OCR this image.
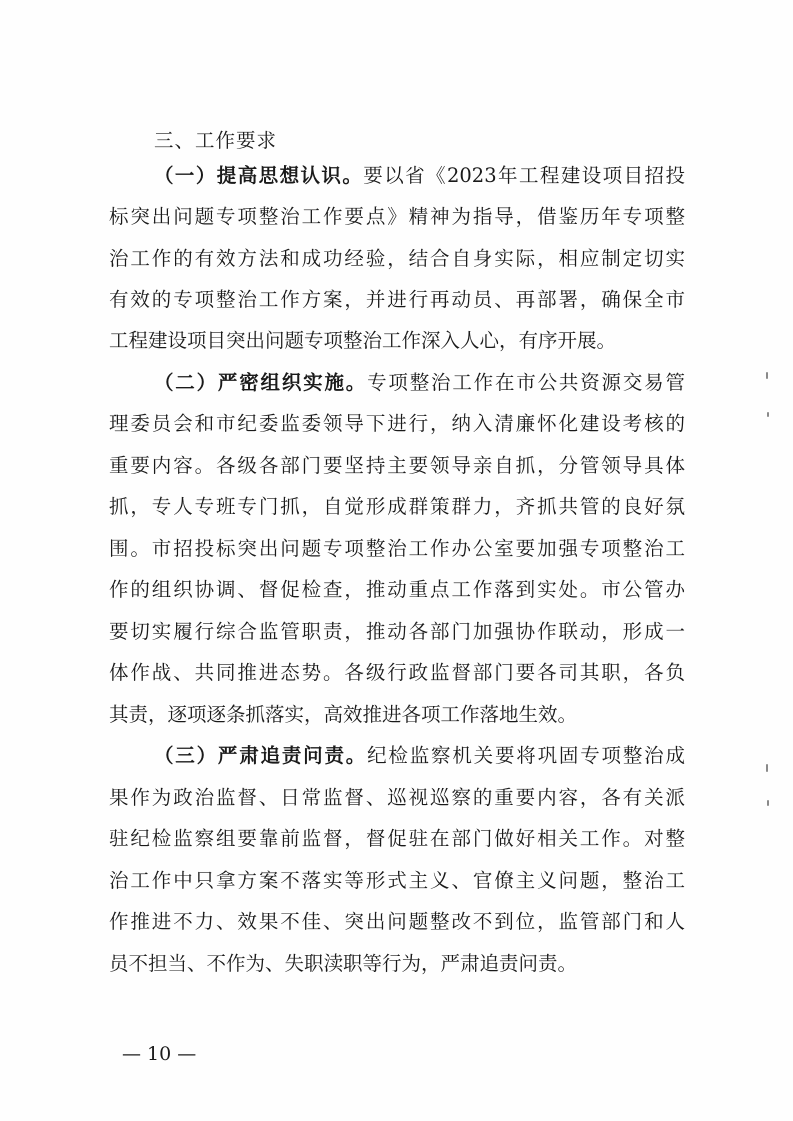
三、工作要求
（一）提高思想认识。要以省《2023年工程建设项目招投
标突出问题专项整治工作要点》精神为指导，借鉴历年专项整
治工作的有效方法和成功经验，结合自身实际，相应制定切实
有效的专项整治工作方案，并进行再动员、再部署，确保全市
工程建设项目突出问题专项整治工作深入人心，有序开展。
（二）严密组织实施。专项整治工作在市公共资源交易管
理委员会和市纪委监委领导下进行，纳入清廉怀化建设考核的
重要内容。各级各部门要坚持主要领导亲自抓，分管领导具体
抓，专人专班专门抓，自觉形成群策群力，齐抓共管的良好氛
围。市招投标突出问题专项整治工作办公室要加强专项整治工
作的组织协调、督促检查，推动重点工作落到实处。市公管办
要切实履行综合监管职责，推动各部门加强协作联动，形成一
体作战、共同推进态势。各级行政监督部门要各司其职，各负
其责，逐项逐条抓落实，高效推进各项工作落地生效。
（三）严肃追责问责。纪检监察机关要将巩固专项整治成
果作为政治监督、日常监督、巡视巡察的重要内容，各有关派
驻纪检监察组要靠前监督，督促驻在部门做好相关工作。对整
治工作中只拿方案不落实等形式主义、官僚主义问题，整治工
作推进不力、效果不佳、突出问题整改不到位，监管部门和人
员不担当、不作为、失职渎职等行为，严肃追责问责。
— 10 —
